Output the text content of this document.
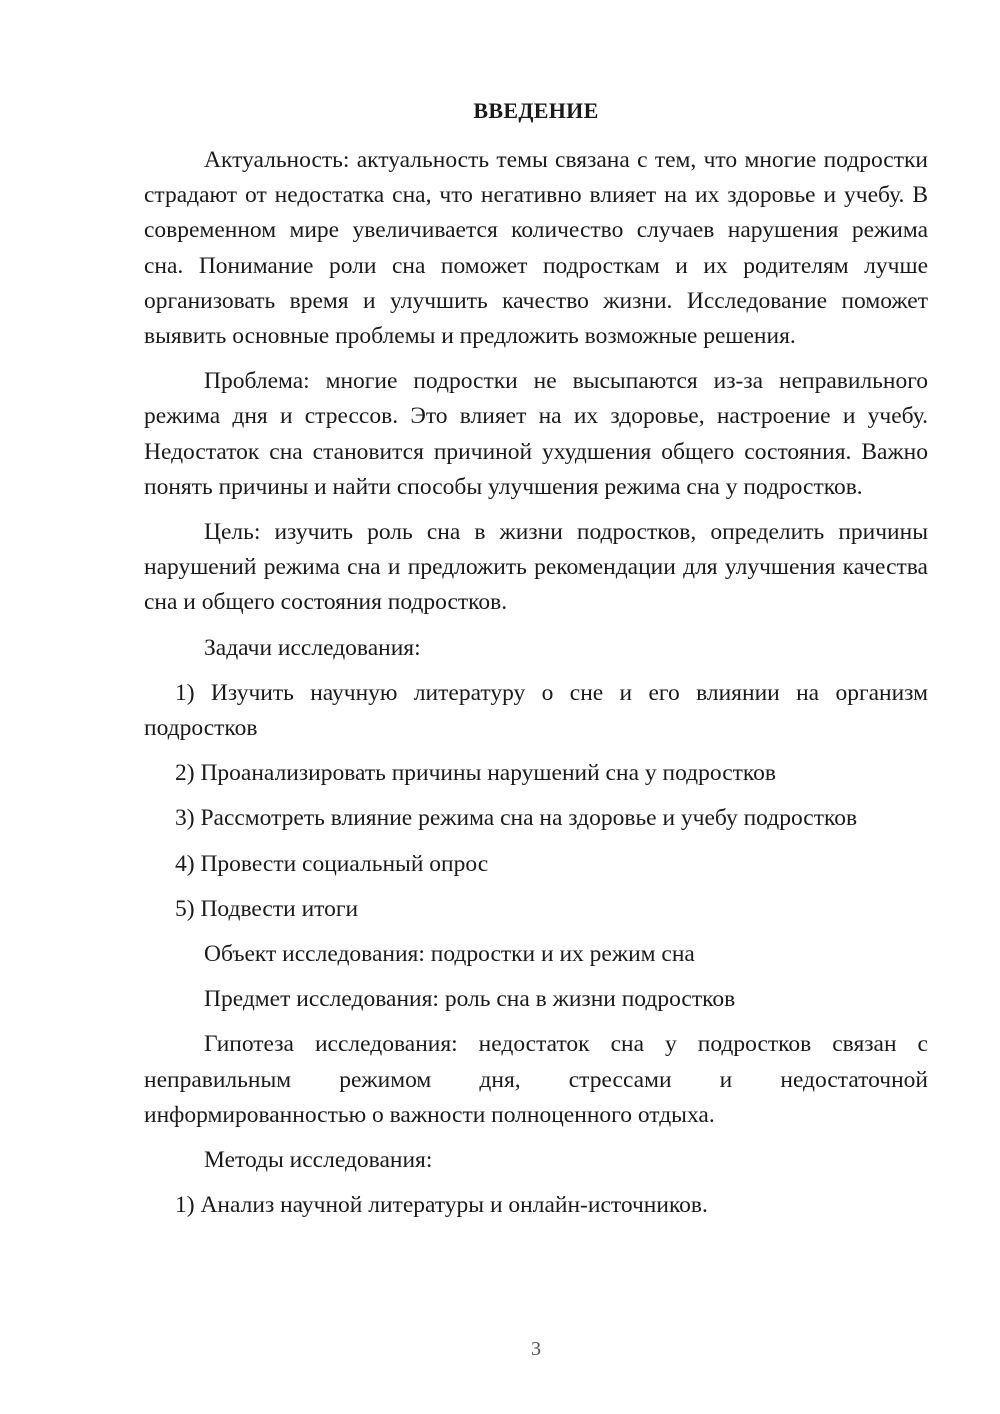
ВВЕДЕНИЕ

Актуальность: актуальность темы связана с тем, что многие подростки страдают от недостатка сна, что негативно влияет на их здоровье и учебу. В современном мире увеличивается количество случаев нарушения режима сна. Понимание роли сна поможет подросткам и их родителям лучше организовать время и улучшить качество жизни. Исследование поможет выявить основные проблемы и предложить возможные решения.

Проблема: многие подростки не высыпаются из-за неправильного режима дня и стрессов. Это влияет на их здоровье, настроение и учебу. Недостаток сна становится причиной ухудшения общего состояния. Важно понять причины и найти способы улучшения режима сна у подростков.

Цель: изучить роль сна в жизни подростков, определить причины нарушений режима сна и предложить рекомендации для улучшения качества сна и общего состояния подростков.

Задачи исследования:

1) Изучить научную литературу о сне и его влиянии на организм подростков

2) Проанализировать причины нарушений сна у подростков

3) Рассмотреть влияние режима сна на здоровье и учебу подростков

4) Провести социальный опрос

5) Подвести итоги

Объект исследования: подростки и их режим сна

Предмет исследования: роль сна в жизни подростков

Гипотеза исследования: недостаток сна у подростков связан с неправильным режимом дня, стрессами и недостаточной информированностью о важности полноценного отдыха.

Методы исследования:

1) Анализ научной литературы и онлайн-источников.

3
